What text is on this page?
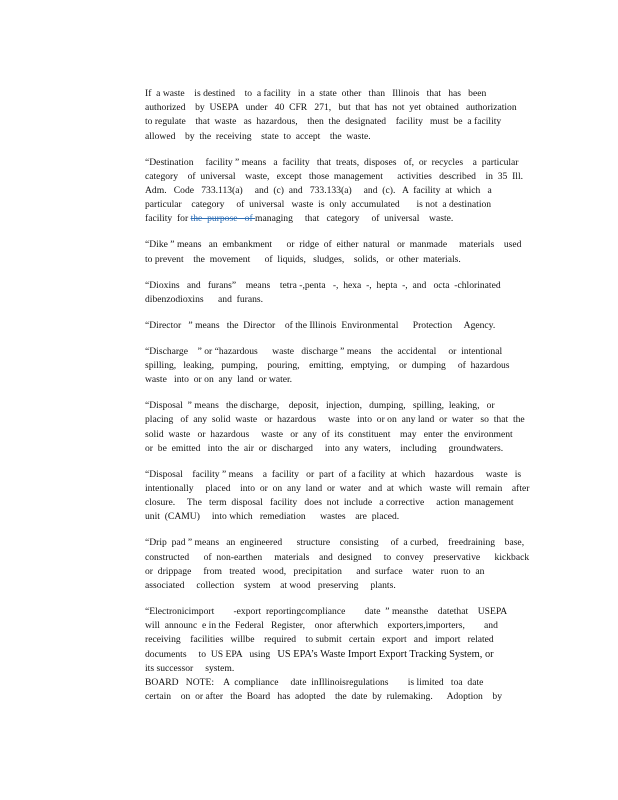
If  a waste    is destined    to  a facility   in  a  state  other   than   Illinois   that   has   been
authorized    by  USEPA   under   40  CFR   271,   but  that  has  not  yet  obtained   authorization
to regulate    that  waste   as  hazardous,    then  the  designated    facility   must  be  a facility
allowed    by  the  receiving    state  to  accept    the  waste.

“Destination     facility ” means   a  facility   that  treats,  disposes   of,  or  recycles    a  particular
category    of  universal    waste,   except   those  management      activities   described    in  35  Ill.
Adm.   Code   733.113(a)     and  (c)  and   733.133(a)     and  (c).   A  facility  at  which   a
particular    category     of  universal   waste  is  only  accumulated       is not  a destination
facility  for the  purpose   of managing     that   category     of  universal    waste.

“Dike ” means   an  embankment      or  ridge  of  either  natural   or  manmade     materials    used
to prevent    the  movement      of  liquids,   sludges,    solids,   or  other  materials.

“Dioxins   and   furans”    means    tetra -,penta   -,  hexa  -,  hepta  -,  and   octa  -chlorinated
dibenzodioxins      and  furans.

“Director   ” means   the  Director    of the Illinois  Environmental      Protection     Agency.

“Discharge    ” or “hazardous      waste   discharge ” means    the  accidental     or  intentional
spilling,   leaking,   pumping,    pouring,    emitting,   emptying,    or  dumping     of  hazardous
waste   into  or on  any  land  or water.

“Disposal  ” means   the discharge,    deposit,   injection,   dumping,   spilling,  leaking,   or
placing   of  any  solid  waste   or  hazardous     waste   into  or on  any land  or  water   so  that  the
solid  waste   or  hazardous     waste   or  any  of  its  constituent    may   enter  the  environment
or  be  emitted   into  the  air  or  discharged     into  any  waters,    including     groundwaters.

“Disposal    facility ” means    a  facility   or  part  of  a facility  at  which    hazardous     waste   is
intentionally     placed    into  or  on  any  land  or  water   and  at  which   waste  will  remain    after
closure.     The   term  disposal   facility   does  not  include   a corrective     action  management
unit  (CAMU)     into which   remediation      wastes    are  placed.

“Drip  pad ” means   an  engineered      structure    consisting     of  a curbed,    freedraining    base,
constructed      of  non-earthen     materials    and  designed     to  convey    preservative      kickback
or  drippage     from   treated   wood,   precipitation      and  surface    water   ruon  to  an
associated     collection    system    at wood   preserving     plants.

“Electronicimport        -export  reportingcompliance        date  ” meansthe    datethat    USEPA
will  announc  e in the  Federal   Register,    onor  afterwhich    exporters,importers,        and
receiving    facilities   willbe    required    to submit   certain   export   and   import   related
documents     to  US EPA   using   US EPA’s Waste Import Export Tracking System, or
its successor     system.

BOARD   NOTE:    A  compliance     date  inIllinoisregulations        is limited   toa  date
certain    on  or after   the  Board   has  adopted    the  date  by  rulemaking.      Adoption    by
